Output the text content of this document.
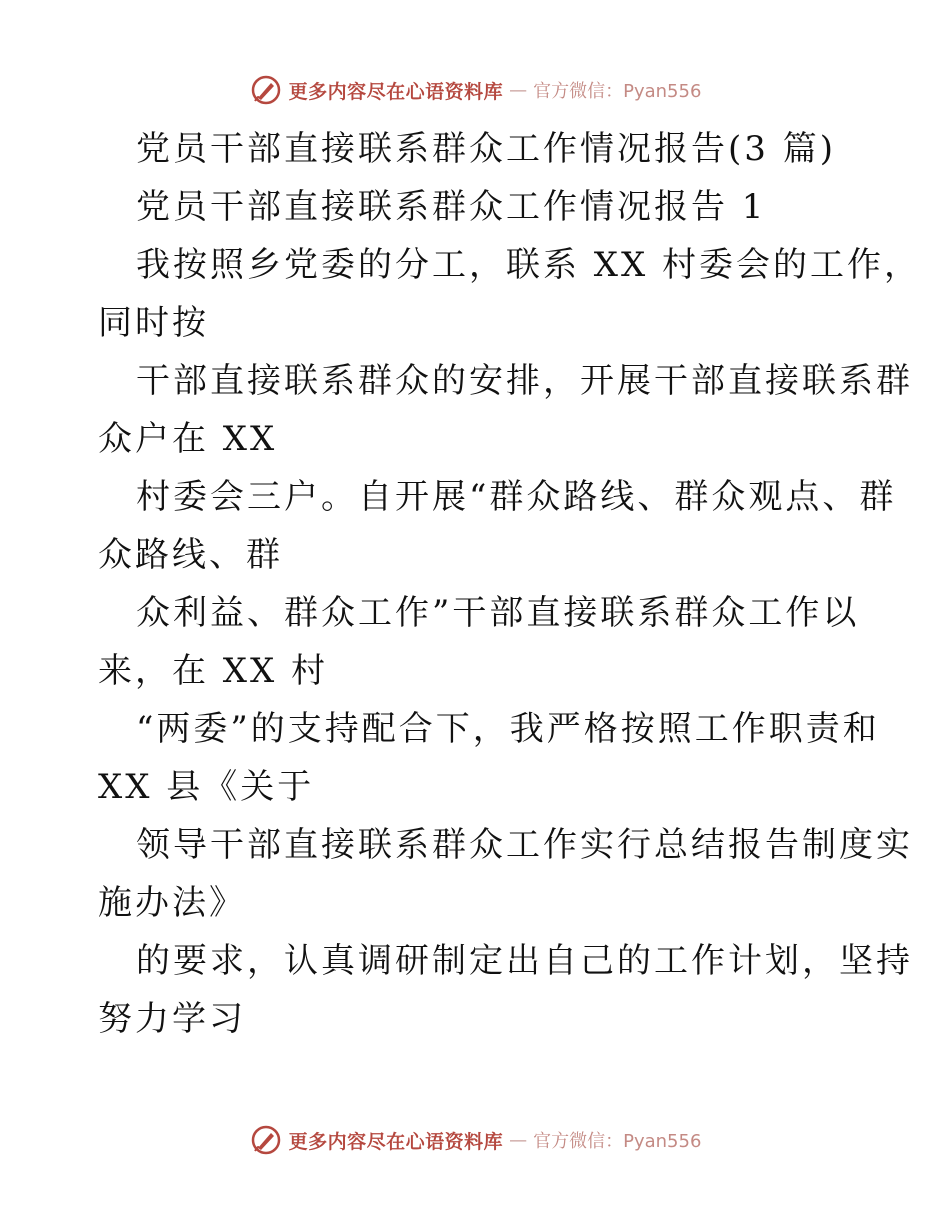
更多内容尽在心语资料库 — 官方微信：Pyan556
党员干部直接联系群众工作情况报告(3 篇)
党员干部直接联系群众工作情况报告 1
我按照乡党委的分工，联系 XX 村委会的工作，
同时按
干部直接联系群众的安排，开展干部直接联系群
众户在 XX
村委会三户。自开展“群众路线、群众观点、群
众路线、群
众利益、群众工作”干部直接联系群众工作以
来，在 XX 村
“两委”的支持配合下，我严格按照工作职责和
XX 县《关于
领导干部直接联系群众工作实行总结报告制度实
施办法》
的要求，认真调研制定出自己的工作计划，坚持
努力学习
更多内容尽在心语资料库 — 官方微信：Pyan556
